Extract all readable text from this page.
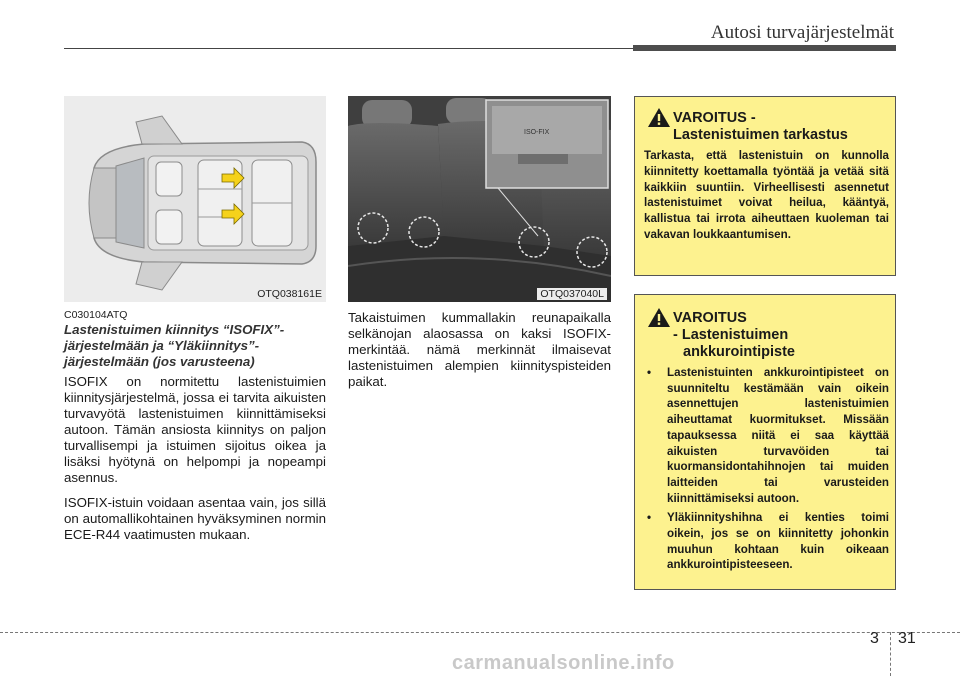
Autosi turvajärjestelmät
OTQ038161E
ISO-FIX
OTQ037040L
C030104ATQ
Lastenistuimen kiinnitys “ISOFIX”-järjestelmään ja “Yläkiinnitys”-järjestelmään (jos varusteena)

ISOFIX on normitettu lastenistuimien kiinnitysjärjestelmä, jossa ei tarvita aikuisten turvavyötä lastenistuimen kiinnittämiseksi autoon. Tämän ansiosta kiinnitys on paljon turvallisempi ja istuimen sijoitus oikea ja lisäksi hyötynä on helpompi ja nopeampi asennus.

ISOFIX-istuin voidaan asentaa vain, jos sillä on automallikohtainen hyväksyminen normin ECE-R44 vaatimusten mukaan.

Takaistuimen kummallakin reunapaikalla selkänojan alaosassa on kaksi ISOFIX-merkintää. nämä merkinnät ilmaisevat lastenistuimen alempien kiinnityspisteiden paikat.

VAROITUS -
Lastenistuimen tarkastus
Tarkasta, että lastenistuin on kunnolla kiinnitetty koettamalla työntää ja vetää sitä kaikkiin suuntiin. Virheellisesti asennetut lastenistuimet voivat heilua, kääntyä, kallistua tai irrota aiheuttaen kuoleman tai vakavan loukkaantumisen.
VAROITUS
- Lastenistuimen
ankkurointipiste
• Lastenistuinten ankkurointipisteet on suunniteltu kestämään vain oikein asennettujen lastenistuimien aiheuttamat kuormitukset. Missään tapauksessa niitä ei saa käyttää aikuisten turvavöiden tai kuormansidontahihnojen tai muiden laitteiden tai varusteiden kiinnittämiseksi autoon.
• Yläkiinnityshihna ei kenties toimi oikein, jos se on kiinnitetty johonkin muuhun kohtaan kuin oikeaan ankkurointipisteeseen.
3 31
carmanualsonline.info
